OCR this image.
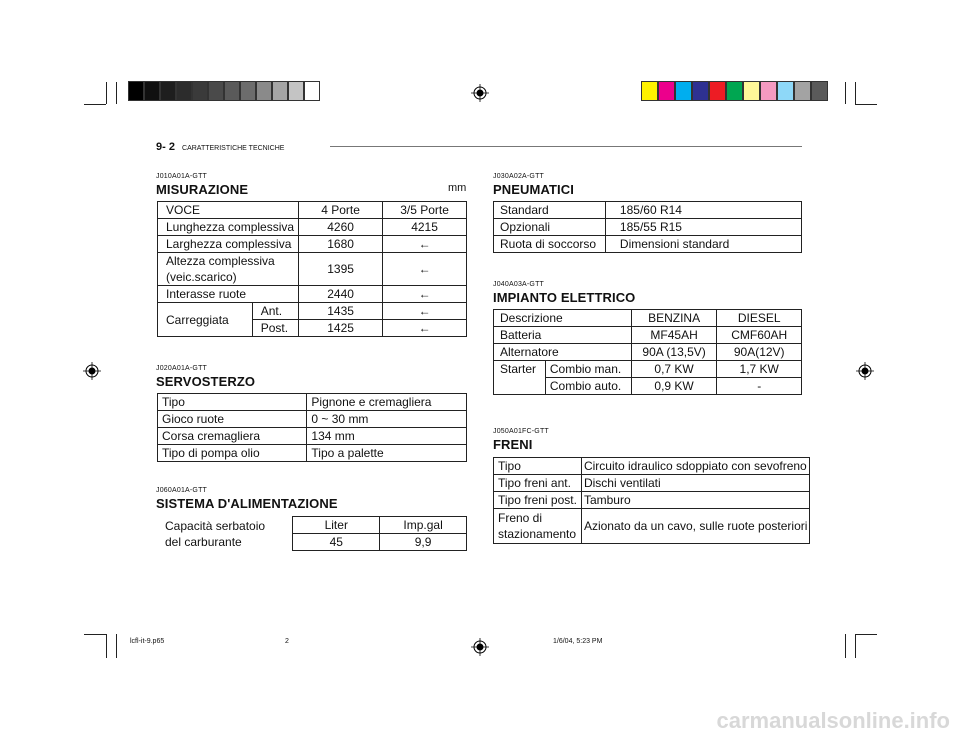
9- 2 CARATTERISTICHE TECNICHE
J010A01A-GTT
MISURAZIONE	mm
VOCE		4 Porte	3/5 Porte
Lunghezza complessiva		4260	4215
Larghezza complessiva		1680	←

Altezza complessiva
(veic.scarico)		1395	←
Interasse ruote		2440	←
Carreggiata	Ant.	1435	←
	Post.	1425	←
J020A01A-GTT
SERVOSTERZO
Tipo	Pignone e cremagliera
Gioco ruote	0 ~ 30 mm
Corsa cremagliera	134 mm
Tipo di pompa olio	Tipo a palette
J060A01A-GTT
SISTEMA D'ALIMENTAZIONE
Capacità serbatoio
del carburante	Liter	Imp.gal
	45	9,9
J030A02A-GTT
PNEUMATICI
Standard	185/60 R14
Opzionali	185/55 R15
Ruota di soccorso	Dimensioni standard
J040A03A-GTT
IMPIANTO ELETTRICO
Descrizione		BENZINA	DIESEL
Batteria		MF45AH	CMF60AH
Alternatore		90A (13,5V)	90A(12V)
Starter	Combio man.	0,7 KW	1,7 KW
	Combio auto.	0,9 KW	-
J050A01FC-GTT
FRENI
Tipo	Circuito idraulico sdoppiato con sevofreno
Tipo freni ant.	Dischi ventilati
Tipo freni post.	Tamburo

Freno di
stazionamento	Azionato da un cavo, sulle ruote posteriori
lcfl-it-9.p65	2	1/6/04, 5:23 PM
carmanualsonline.info
